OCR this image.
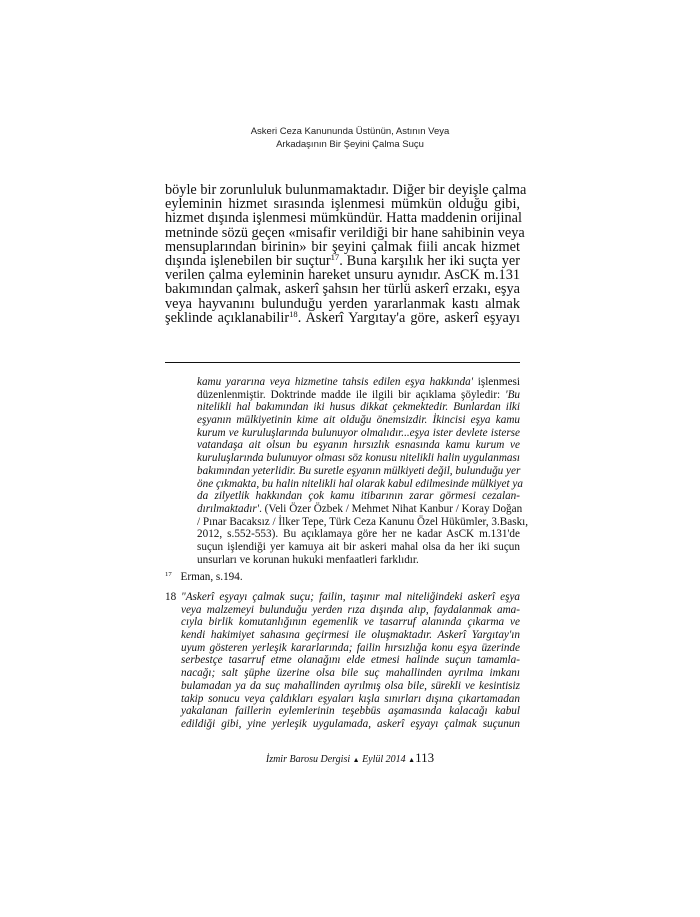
Askeri Ceza Kanununda Üstünün, Astının Veya
Arkadaşının Bir Şeyini Çalma Suçu
böyle bir zorunluluk bulunmamaktadır. Diğer bir deyişle çalma
eyleminin hizmet sırasında işlenmesi mümkün olduğu gibi,
hizmet dışında işlenmesi mümkündür. Hatta maddenin orijinal
metninde sözü geçen «misafir verildiği bir hane sahibinin veya
mensuplarından birinin» bir şeyini çalmak fiili ancak hizmet
dışında işlenebilen bir suçtur$^{17}$. Buna karşılık her iki suçta yer
verilen çalma eyleminin hareket unsuru aynıdır. AsCK m.131
bakımından çalmak, askerî şahsın her türlü askerî erzakı, eşya
veya hayvanını bulunduğu yerden yararlanmak kastı almak
şeklinde açıklanabilir$^{18}$. Askerî Yargıtay'a göre, askerî eşyayı
kamu yararına veya hizmetine tahsis edilen eşya hakkında' işlenmesi
düzenlenmiştir. Doktrinde madde ile ilgili bir açıklama şöyledir: 'Bu
nitelikli hal bakımından iki husus dikkat çekmektedir. Bunlardan ilki
eşyanın mülkiyetinin kime ait olduğu önemsizdir. İkincisi eşya kamu
kurum ve kuruluşlarında bulunuyor olmalıdır...eşya ister devlete isterse
vatandaşa ait olsun bu eşyanın hırsızlık esnasında kamu kurum ve
kuruluşlarında bulunuyor olması söz konusu nitelikli halin uygulanması
bakımından yeterlidir. Bu suretle eşyanın mülkiyeti değil, bulunduğu yer
öne çıkmakta, bu halin nitelikli hal olarak kabul edilmesinde mülkiyet ya
da zilyetlik hakkından çok kamu itibarının zarar görmesi cezalan-
dırılmaktadır'. (Veli Özer Özbek / Mehmet Nihat Kanbur / Koray Doğan
/ Pınar Bacaksız / İlker Tepe, Türk Ceza Kanunu Özel Hükümler, 3.Baskı,
2012, s.552-553). Bu açıklamaya göre her ne kadar AsCK m.131'de
suçun işlendiği yer kamuya ait bir askeri mahal olsa da her iki suçun
unsurları ve korunan hukuki menfaatleri farklıdır.
$^{17}$ Erman, s.194.
18 "Askerî eşyayı çalmak suçu; failin, taşınır mal niteliğindeki askerî eşya
veya malzemeyi bulunduğu yerden rıza dışında alıp, faydalanmak ama-
cıyla birlik komutanlığının egemenlik ve tasarruf alanında çıkarma ve
kendi hakimiyet sahasına geçirmesi ile oluşmaktadır. Askerî Yargıtay'ın
uyum gösteren yerleşik kararlarında; failin hırsızlığa konu eşya üzerinde
serbestçe tasarruf etme olanağını elde etmesi halinde suçun tamamla-
nacağı; salt şüphe üzerine olsa bile suç mahallinden ayrılma imkanı
bulamadan ya da suç mahallinden ayrılmış olsa bile, sürekli ve kesintisiz
takip sonucu veya çaldıkları eşyaları kışla sınırları dışına çıkartamadan
yakalanan faillerin eylemlerinin teşebbüs aşamasında kalacağı kabul
edildiği gibi, yine yerleşik uygulamada, askerî eşyayı çalmak suçunun
İzmir Barosu Dergisi ▲ Eylül 2014 ▲113
